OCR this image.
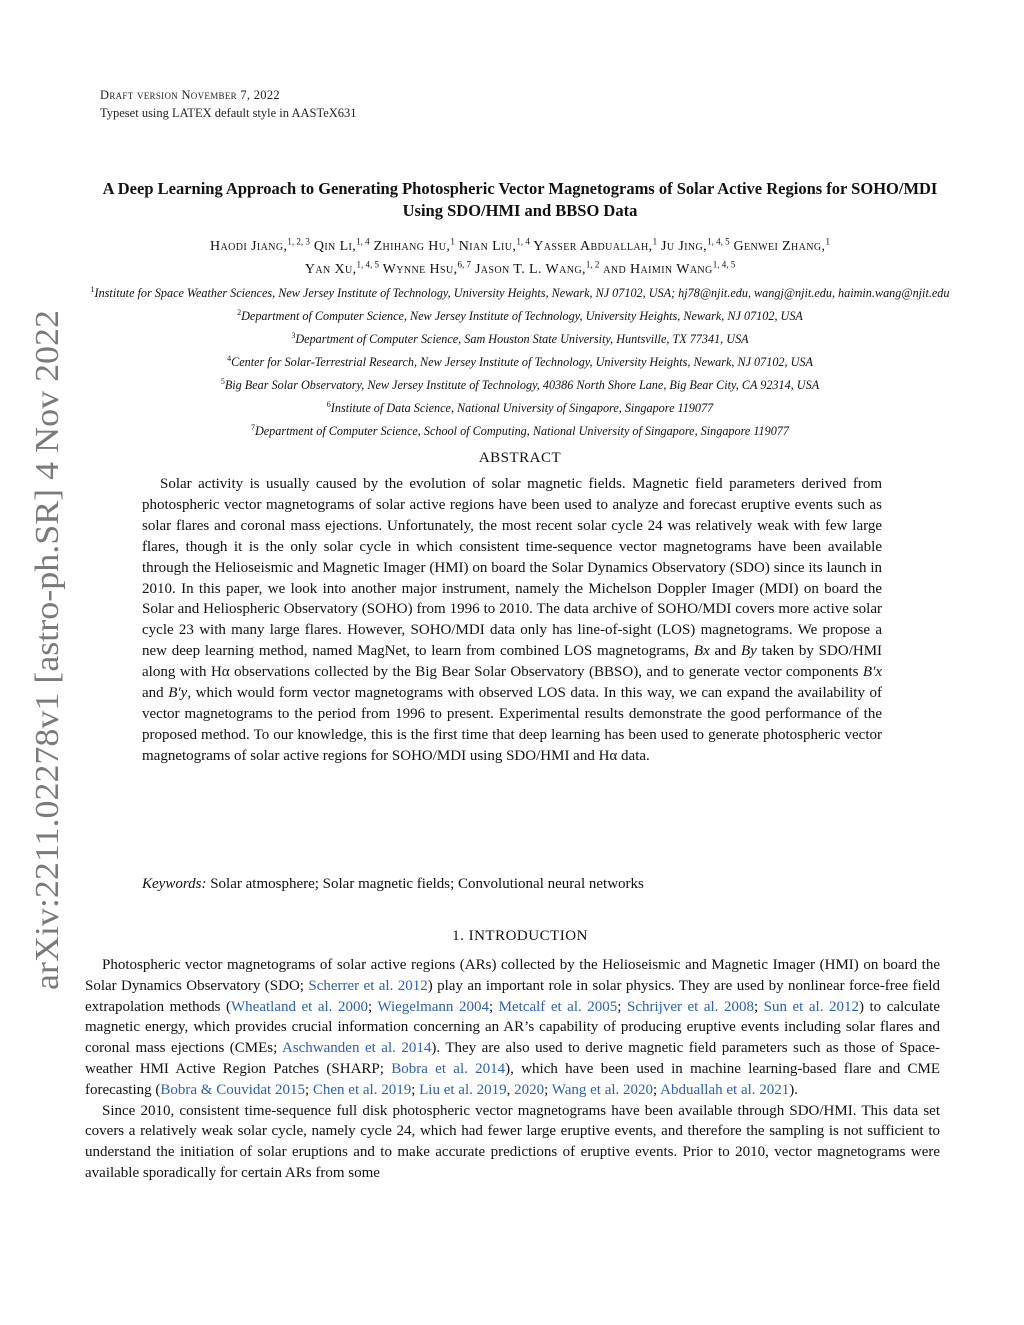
arXiv:2211.02278v1 [astro-ph.SR] 4 Nov 2022
Draft version November 7, 2022
Typeset using LATEX default style in AASTeX631
A Deep Learning Approach to Generating Photospheric Vector Magnetograms of Solar Active Regions for SOHO/MDI Using SDO/HMI and BBSO Data
Haodi Jiang,$^{1, 2, 3}$ Qin Li,$^{1, 4}$ Zhihang Hu,$^1$ Nian Liu,$^{1, 4}$ Yasser Abduallah,$^1$ Ju Jing,$^{1, 4, 5}$ Genwei Zhang,$^1$
Yan Xu,$^{1, 4, 5}$ Wynne Hsu,$^{6, 7}$ Jason T. L. Wang,$^{1, 2}$ and Haimin Wang$^{1, 4, 5}$
$^1$Institute for Space Weather Sciences, New Jersey Institute of Technology, University Heights, Newark, NJ 07102, USA; hj78@njit.edu, wangj@njit.edu, haimin.wang@njit.edu
$^2$Department of Computer Science, New Jersey Institute of Technology, University Heights, Newark, NJ 07102, USA
$^3$Department of Computer Science, Sam Houston State University, Huntsville, TX 77341, USA
$^4$Center for Solar-Terrestrial Research, New Jersey Institute of Technology, University Heights, Newark, NJ 07102, USA
$^5$Big Bear Solar Observatory, New Jersey Institute of Technology, 40386 North Shore Lane, Big Bear City, CA 92314, USA
$^6$Institute of Data Science, National University of Singapore, Singapore 119077
$^7$Department of Computer Science, School of Computing, National University of Singapore, Singapore 119077
ABSTRACT

Solar activity is usually caused by the evolution of solar magnetic fields. Magnetic field parameters derived from photospheric vector magnetograms of solar active regions have been used to analyze and forecast eruptive events such as solar flares and coronal mass ejections. Unfortunately, the most recent solar cycle 24 was relatively weak with few large flares, though it is the only solar cycle in which consistent time-sequence vector magnetograms have been available through the Helioseismic and Magnetic Imager (HMI) on board the Solar Dynamics Observatory (SDO) since its launch in 2010. In this paper, we look into another major instrument, namely the Michelson Doppler Imager (MDI) on board the Solar and Heliospheric Observatory (SOHO) from 1996 to 2010. The data archive of SOHO/MDI covers more active solar cycle 23 with many large flares. However, SOHO/MDI data only has line-of-sight (LOS) magnetograms. We propose a new deep learning method, named MagNet, to learn from combined LOS magnetograms, Bx and By taken by SDO/HMI along with Hα observations collected by the Big Bear Solar Observatory (BBSO), and to generate vector components B′x and B′y, which would form vector magnetograms with observed LOS data. In this way, we can expand the availability of vector magnetograms to the period from 1996 to present. Experimental results demonstrate the good performance of the proposed method. To our knowledge, this is the first time that deep learning has been used to generate photospheric vector magnetograms of solar active regions for SOHO/MDI using SDO/HMI and Hα data.

Keywords: Solar atmosphere; Solar magnetic fields; Convolutional neural networks
1. INTRODUCTION

Photospheric vector magnetograms of solar active regions (ARs) collected by the Helioseismic and Magnetic Imager (HMI) on board the Solar Dynamics Observatory (SDO; Scherrer et al. 2012) play an important role in solar physics. They are used by nonlinear force-free field extrapolation methods (Wheatland et al. 2000; Wiegelmann 2004; Metcalf et al. 2005; Schrijver et al. 2008; Sun et al. 2012) to calculate magnetic energy, which provides crucial information concerning an AR’s capability of producing eruptive events including solar flares and coronal mass ejections (CMEs; Aschwanden et al. 2014). They are also used to derive magnetic field parameters such as those of Space-weather HMI Active Region Patches (SHARP; Bobra et al. 2014), which have been used in machine learning-based flare and CME forecasting (Bobra & Couvidat 2015; Chen et al. 2019; Liu et al. 2019, 2020; Wang et al. 2020; Abduallah et al. 2021).

Since 2010, consistent time-sequence full disk photospheric vector magnetograms have been available through SDO/HMI. This data set covers a relatively weak solar cycle, namely cycle 24, which had fewer large eruptive events, and therefore the sampling is not sufficient to understand the initiation of solar eruptions and to make accurate predictions of eruptive events. Prior to 2010, vector magnetograms were available sporadically for certain ARs from some
